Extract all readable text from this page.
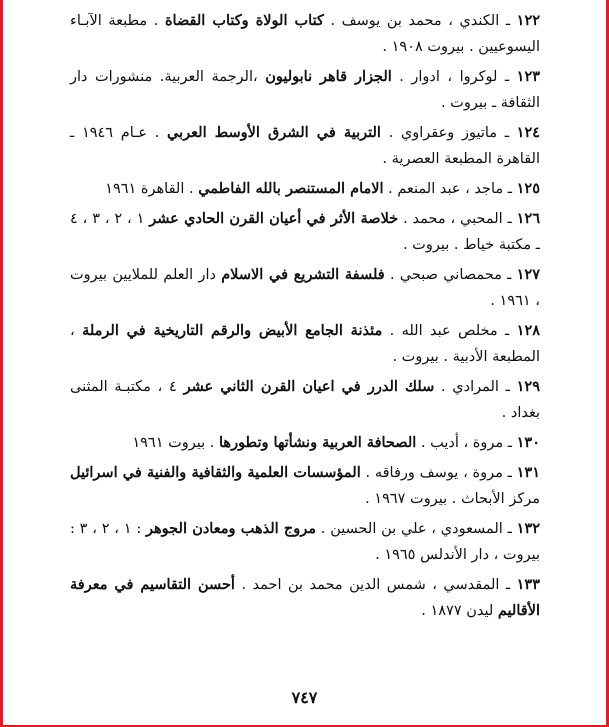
١٢٢ ـ الكندي ، محمد بن يوسف . كتاب الولاة وكتاب القضاة . مطبعة الآبـاء اليسوعيين . بيروت ١٩٠٨ .

١٢٣ ـ لوكروا ، ادوار . الجزار قاهر نابوليون ،الرجمة العربية. منشورات دار الثقافة ـ بيروت .

١٢٤ ـ ماتيوز وعقراوي . التربية في الشرق الأوسط العربي . عـام ١٩٤٦ ـ القاهرة المطبعة العصرية .

١٢٥ ـ ماجد ، عبد المنعم . الامام المستنصر بالله الفاطمي . القاهرة ١٩٦١

١٢٦ ـ المحبي ، محمد . خلاصة الأثر في أعيان القرن الحادي عشر ١ ، ٢ ، ٣ ، ٤ ـ مكتبة خياط . بيروت .

١٢٧ ـ محمصاني صبحي . فلسفة التشريع في الاسلام دار العلم للملايين بيروت ، ١٩٦١ .

١٢٨ ـ مخلص عبد الله . مئذنة الجامع الأبيض والرقم التاريخية في الرملة ، المطبعة الأدبية . بيروت .

١٢٩ ـ المرادي . سلك الدرر في اعيان القرن الثاني عشر ٤ ، مكتبـة المثنى بغداد .

١٣٠ ـ مروة ، أديب . الصحافة العربية ونشأتها وتطورها . بيروت ١٩٦١

١٣١ ـ مروة ، يوسف ورفاقه . المؤسسات العلمية والثقافية والفنية في اسرائيل مركز الأبحاث . بيروت ١٩٦٧ .

١٣٢ ـ المسعودي ، علي بن الحسين . مروج الذهب ومعادن الجوهر : ١ ، ٢ ، ٣ : بيروت ، دار الأندلس ١٩٦٥ .

١٣٣ ـ المقدسي ، شمس الدين محمد بن احمد . أحسن التقاسيم في معرفة الأقاليم ليدن ١٨٧٧ .

٧٤٧
